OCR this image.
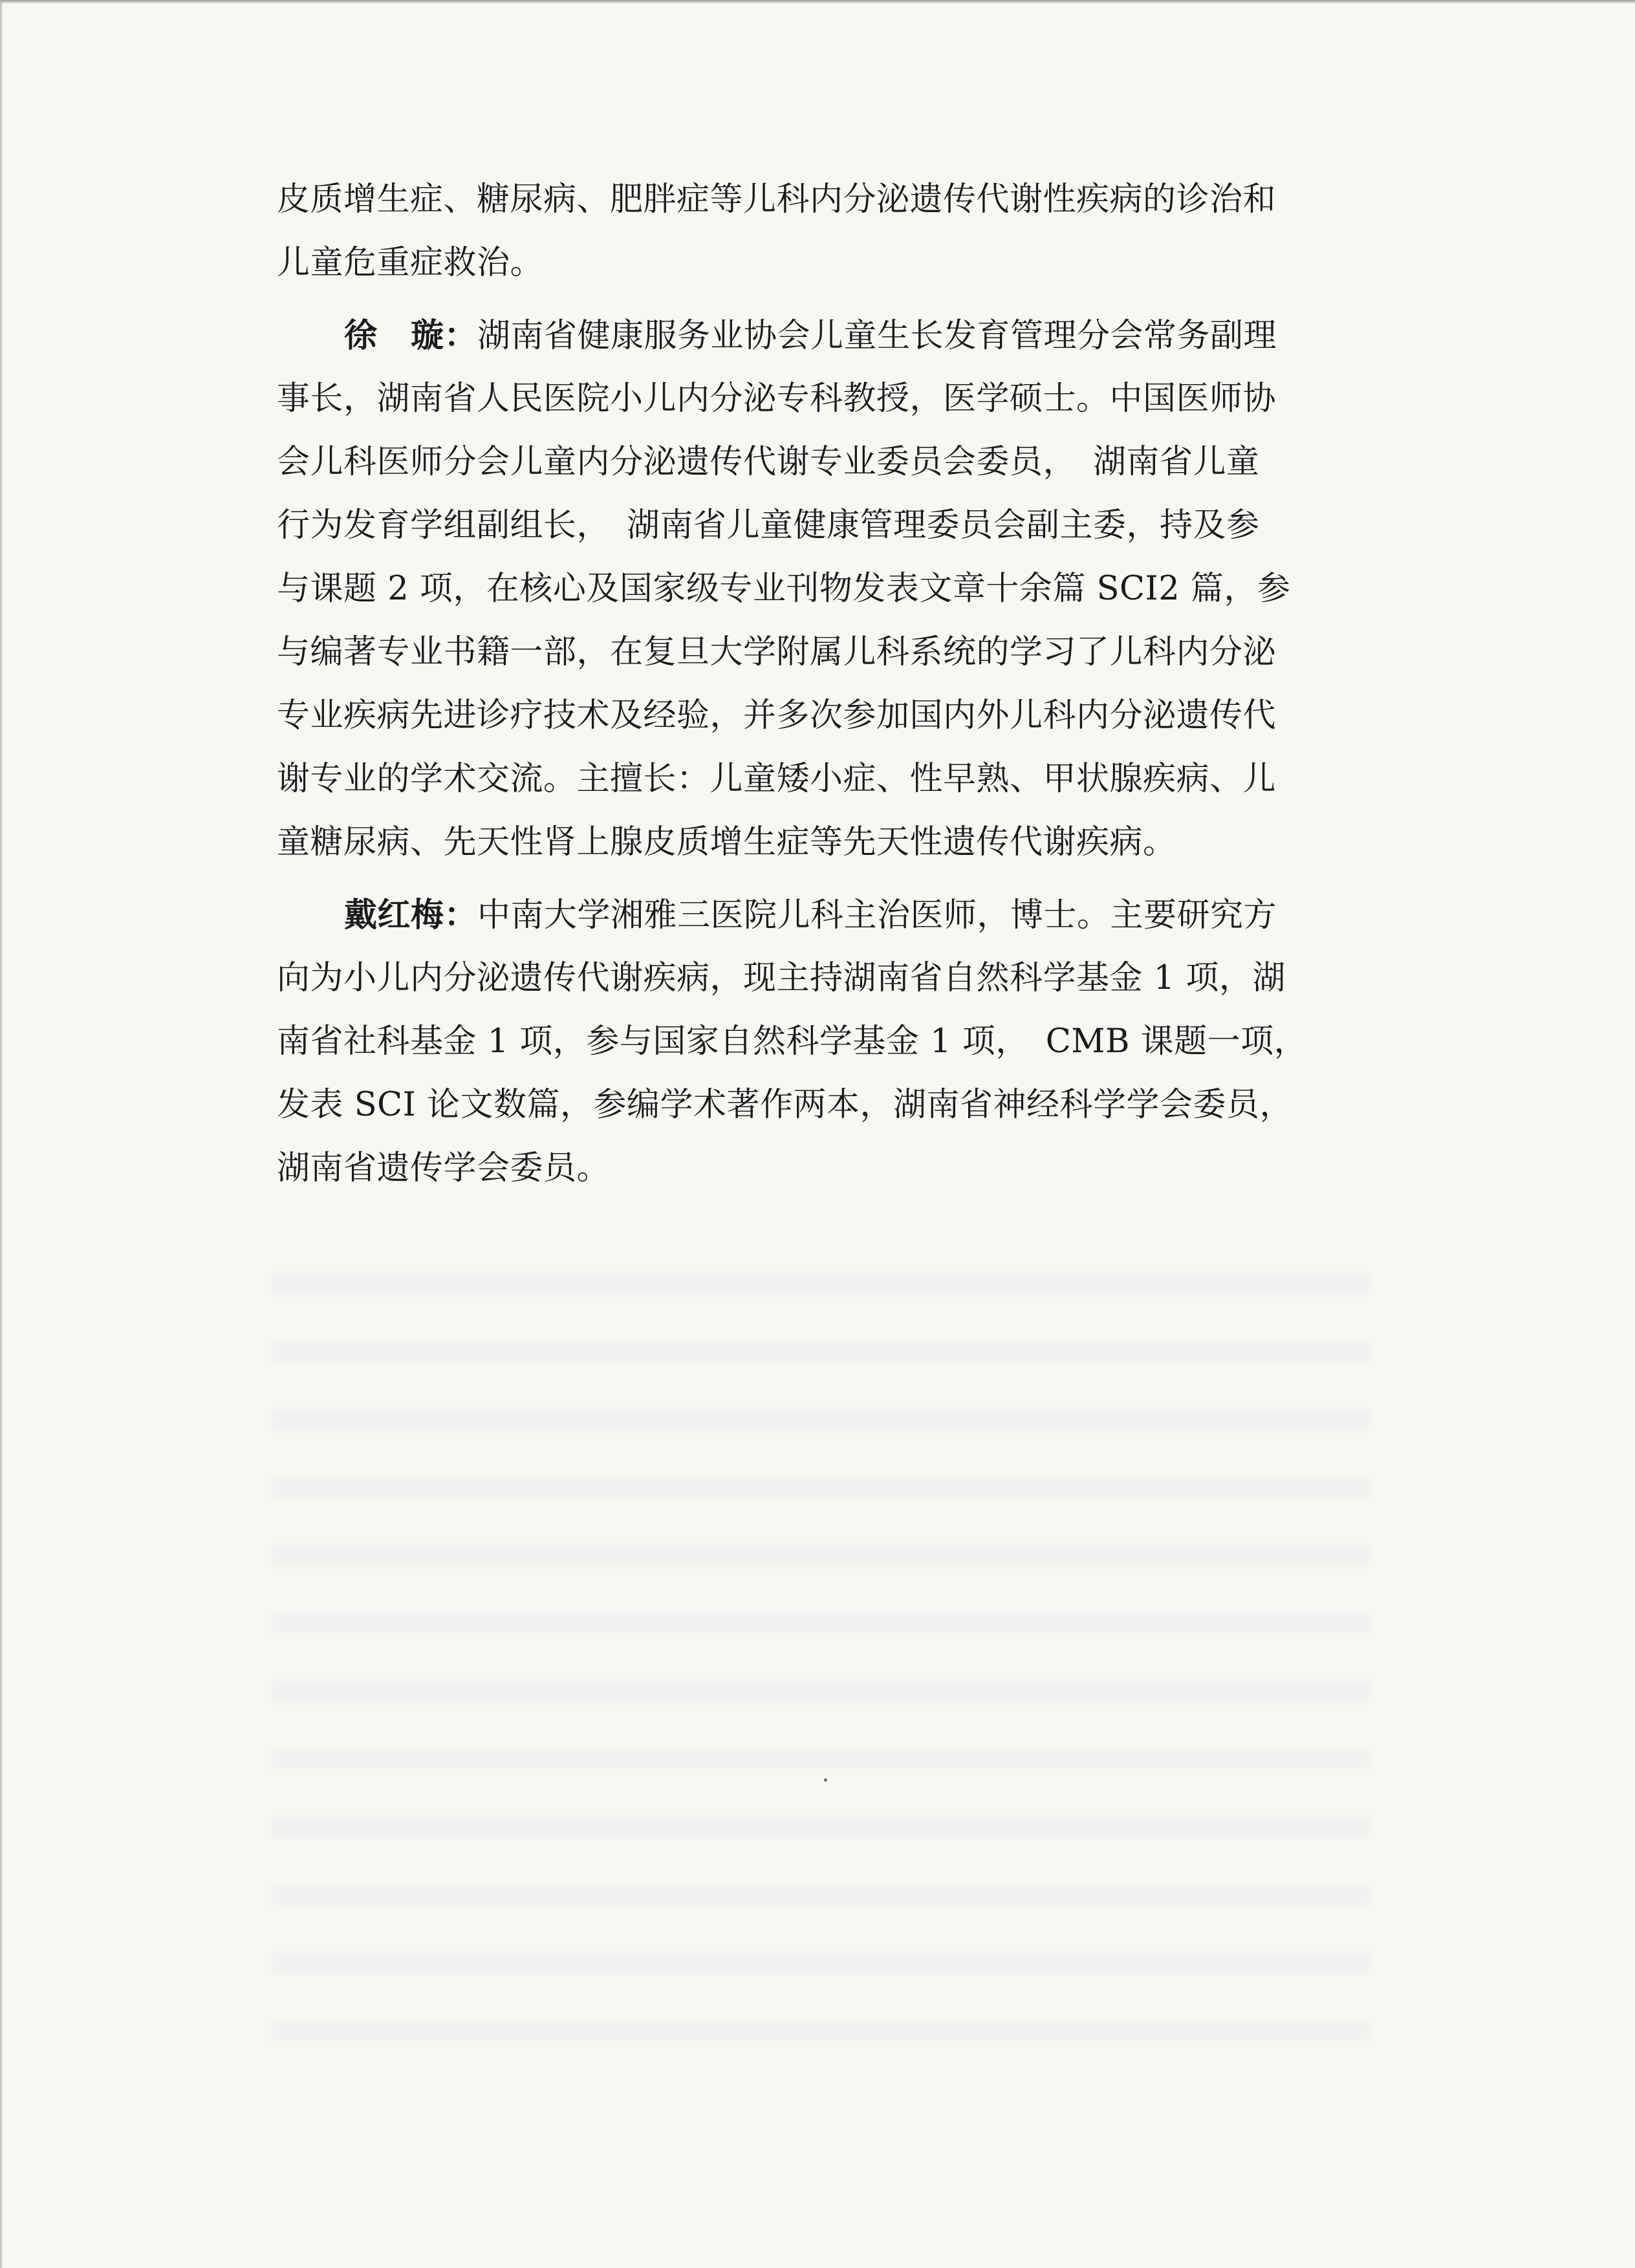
皮质增生症、糖尿病、肥胖症等儿科内分泌遗传代谢性疾病的诊治和
儿童危重症救治。
徐　璇：湖南省健康服务业协会儿童生长发育管理分会常务副理
事长，湖南省人民医院小儿内分泌专科教授，医学硕士。中国医师协
会儿科医师分会儿童内分泌遗传代谢专业委员会委员，　湖南省儿童
行为发育学组副组长，　湖南省儿童健康管理委员会副主委，持及参
与课题 2 项，在核心及国家级专业刊物发表文章十余篇 SCI2 篇，参
与编著专业书籍一部，在复旦大学附属儿科系统的学习了儿科内分泌
专业疾病先进诊疗技术及经验，并多次参加国内外儿科内分泌遗传代
谢专业的学术交流。主擅长：儿童矮小症、性早熟、甲状腺疾病、儿
童糖尿病、先天性肾上腺皮质增生症等先天性遗传代谢疾病。
戴红梅：中南大学湘雅三医院儿科主治医师，博士。主要研究方
向为小儿内分泌遗传代谢疾病，现主持湖南省自然科学基金 1 项，湖
南省社科基金 1 项，参与国家自然科学基金 1 项，　CMB 课题一项，
发表 SCI 论文数篇，参编学术著作两本，湖南省神经科学学会委员，
湖南省遗传学会委员。
